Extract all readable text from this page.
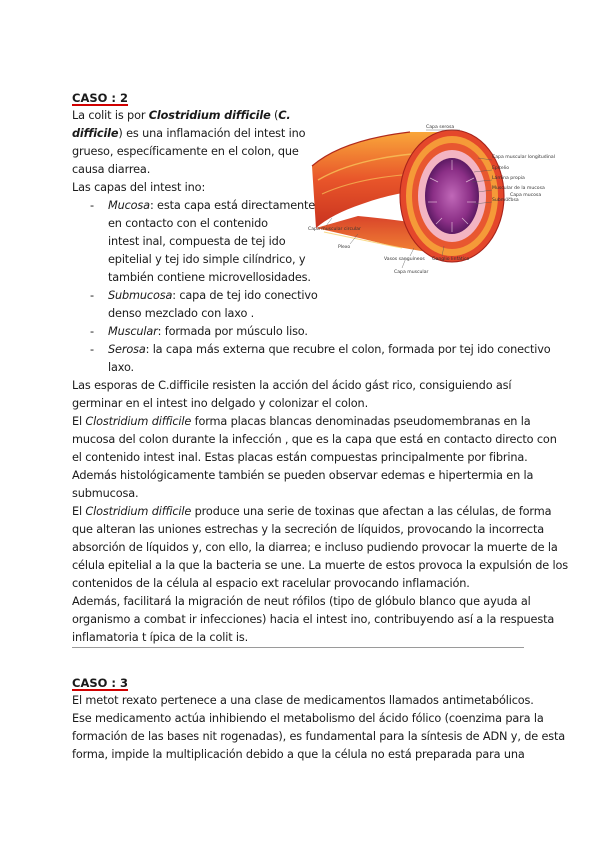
CASO : 2
La colit is por Clostridium difficile (C.
difficile) es una inflamación del intest ino
grueso, específicamente en el colon, que
causa diarrea.
Las capas del intest ino:
- Mucosa: esta capa está directamente
en contacto con el contenido
intest inal, compuesta de tej ido
epitelial y tej ido simple cilíndrico, y
también contiene microvellosidades.
- Submucosa: capa de tej ido conectivo
denso mezclado con laxo .
- Muscular: formada por músculo liso.
- Serosa: la capa más externa que recubre el colon, formada por tej ido conectivo
laxo.
Capa serosa
Capa muscular longitudinal
Epitelio
Lámina propia
Muscular de la mucosa
Submucosa
Capa mucosa
Capa muscular circular
Plexo
Vasos sanguíneos Ganglio linfático
Capa muscular
Las esporas de C.difficile resisten la acción del ácido gást rico, consiguiendo así
germinar en el intest ino delgado y colonizar el colon.
El Clostridium difficile forma placas blancas denominadas pseudomembranas en la
mucosa del colon durante la infección , que es la capa que está en contacto directo con
el contenido intest inal. Estas placas están compuestas principalmente por fibrina.
Además histológicamente también se pueden observar edemas e hipertermia en la
submucosa.
El Clostridium difficile produce una serie de toxinas que afectan a las células, de forma
que alteran las uniones estrechas y la secreción de líquidos, provocando la incorrecta
absorción de líquidos y, con ello, la diarrea; e incluso pudiendo provocar la muerte de la
célula epitelial a la que la bacteria se une. La muerte de estos provoca la expulsión de los
contenidos de la célula al espacio ext racelular provocando inflamación.
Además, facilitará la migración de neut rófilos (tipo de glóbulo blanco que ayuda al
organismo a combat ir infecciones) hacia el intest ino, contribuyendo así a la respuesta
inflamatoria t ípica de la colit is.
CASO : 3
El metot rexato pertenece a una clase de medicamentos llamados antimetabólicos.
Ese medicamento actúa inhibiendo el metabolismo del ácido fólico (coenzima para la
formación de las bases nit rogenadas), es fundamental para la síntesis de ADN y, de esta
forma, impide la multiplicación debido a que la célula no está preparada para una
